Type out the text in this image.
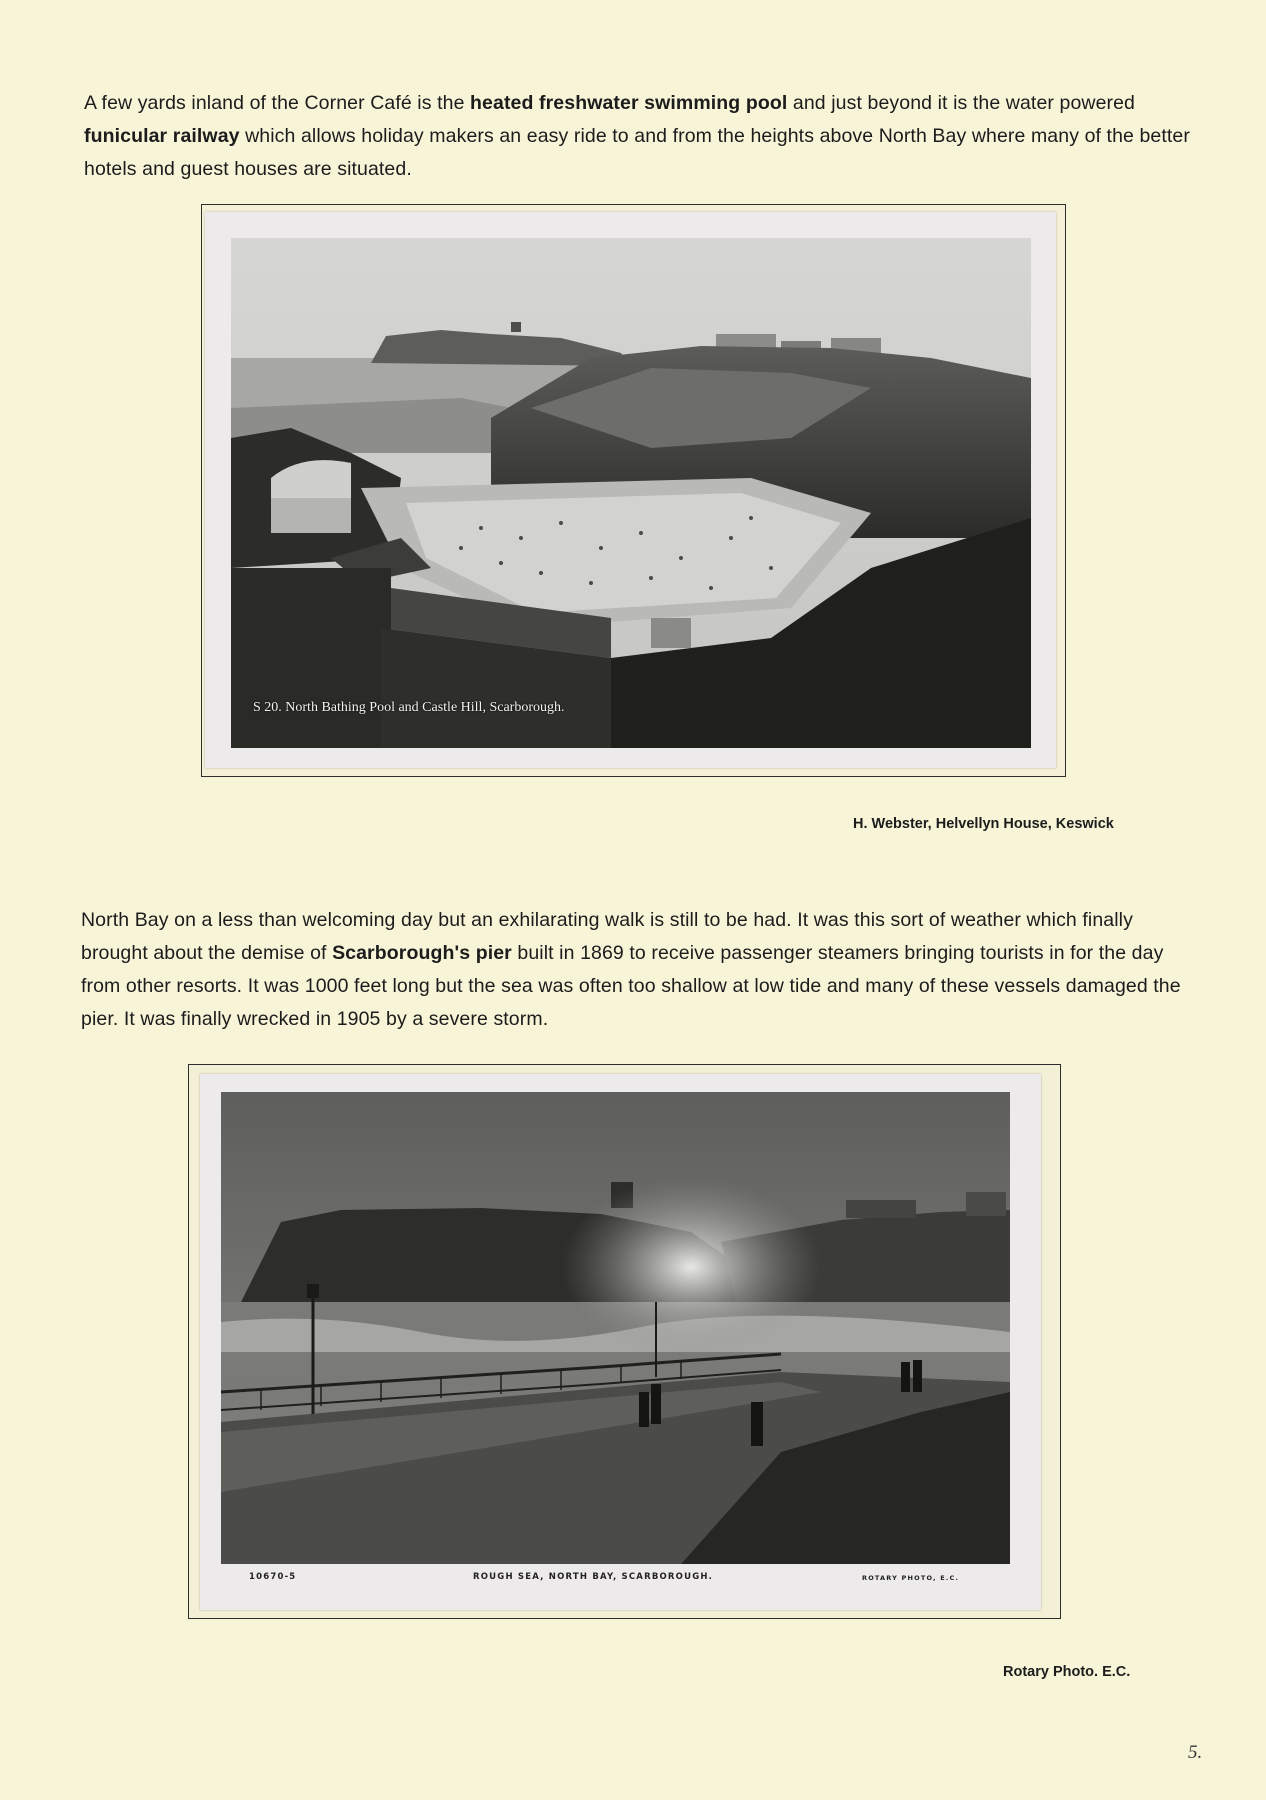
A few yards inland of the Corner Café is the heated freshwater swimming pool and just beyond it is the water powered funicular railway which allows holiday makers an easy ride to and from the heights above North Bay where many of the better hotels and guest houses are situated.

S 20. North Bathing Pool and Castle Hill, Scarborough.
H. Webster, Helvellyn House, Keswick

North Bay on a less than welcoming day but an exhilarating walk is still to be had. It was this sort of weather which finally brought about the demise of Scarborough's pier built in 1869 to receive passenger steamers bringing tourists in for the day from other resorts. It was 1000 feet long but the sea was often too shallow at low tide and many of these vessels damaged the pier. It was finally wrecked in 1905 by a severe storm.

10670-5	ROUGH SEA, NORTH BAY, SCARBOROUGH.	ROTARY PHOTO, E.C.
Rotary Photo. E.C.
5.
